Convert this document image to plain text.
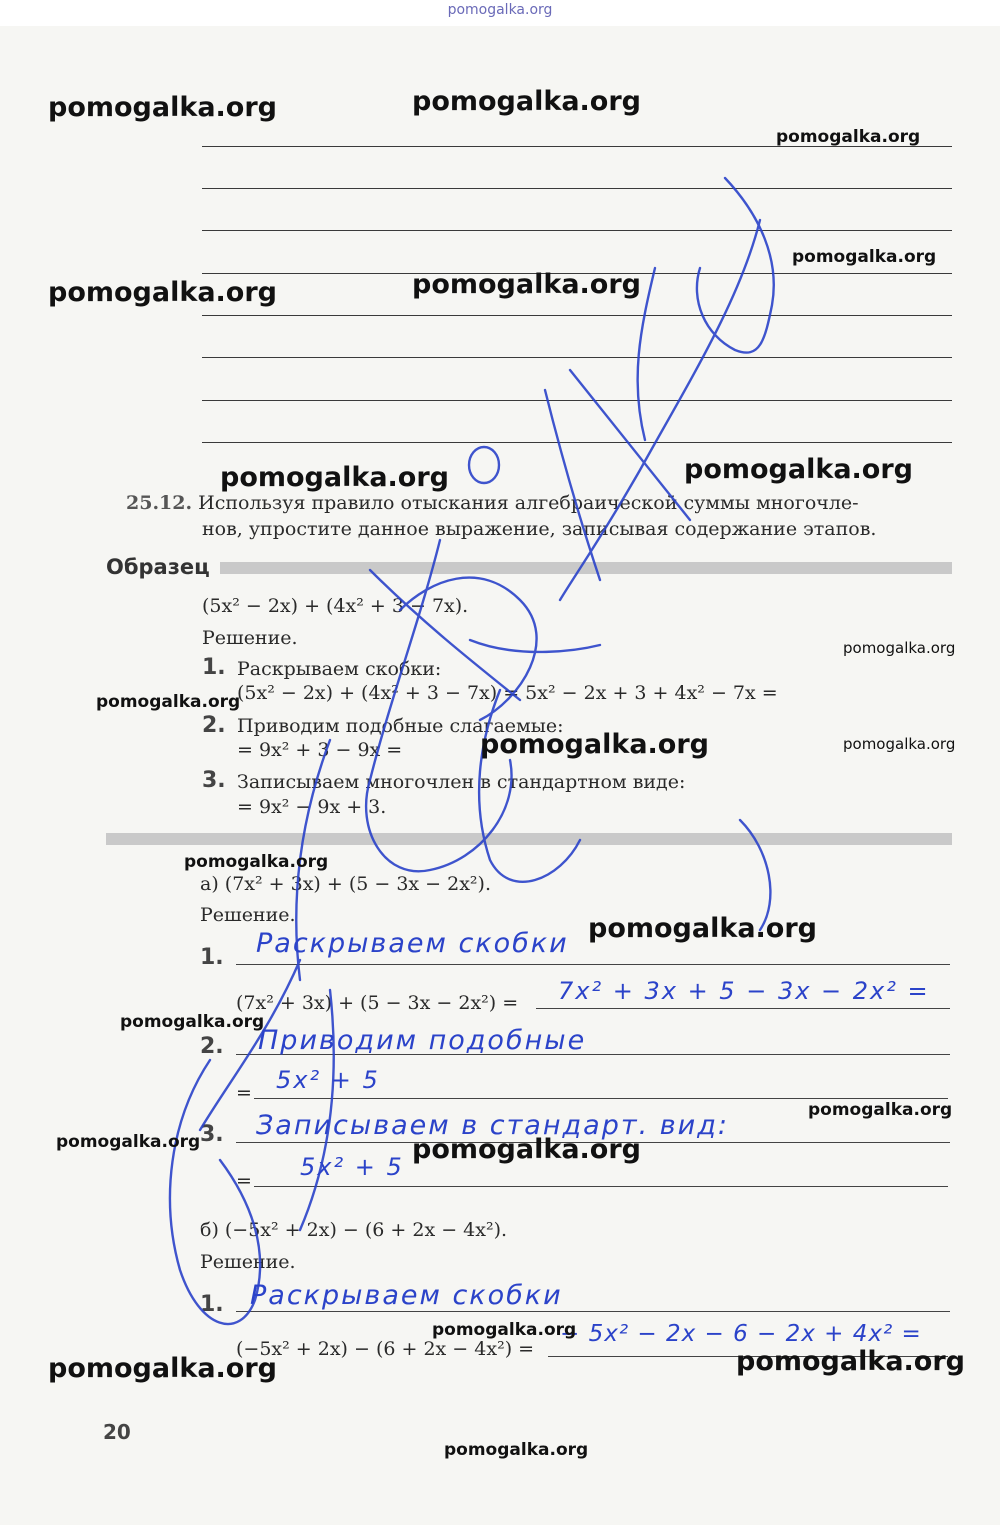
pomogalka.org
25.12. Используя правило отыскания алгебраической суммы многочле-
нов, упростите данное выражение, записывая содержание этапов.
Образец
(5x² − 2x) + (4x² + 3 − 7x).
Решение.
1. Раскрываем скобки:
(5x² − 2x) + (4x² + 3 − 7x) = 5x² − 2x + 3 + 4x² − 7x =
2. Приводим подобные слагаемые:
= 9x² + 3 − 9x =
3. Записываем многочлен в стандартном виде:
= 9x² − 9x + 3.
а) (7x² + 3x) + (5 − 3x − 2x²).
Решение.
1. Раскрываем скобки
(7x² + 3x) + (5 − 3x − 2x²) = 7x² + 3x + 5 − 3x − 2x² =
2. Приводим подобные
= 5x² + 5
3. Записываем в стандарт. вид:
= 5x² + 5
б) (−5x² + 2x) − (6 + 2x − 4x²).
Решение.
1. Раскрываем скобки
(−5x² + 2x) − (6 + 2x − 4x²) =
− 5x² − 2x − 6 − 2x + 4x² =
20
pomogalka.org	pomogalka.org
pomogalka.org
pomogalka.org
pomogalka.org	pomogalka.org
pomogalka.org	pomogalka.org
pomogalka.org
pomogalka.org
pomogalka.org	pomogalka.org
pomogalka.org
pomogalka.org
pomogalka.org
pomogalka.org
pomogalka.org	pomogalka.org
pomogalka.org
pomogalka.org	pomogalka.org
pomogalka.org
